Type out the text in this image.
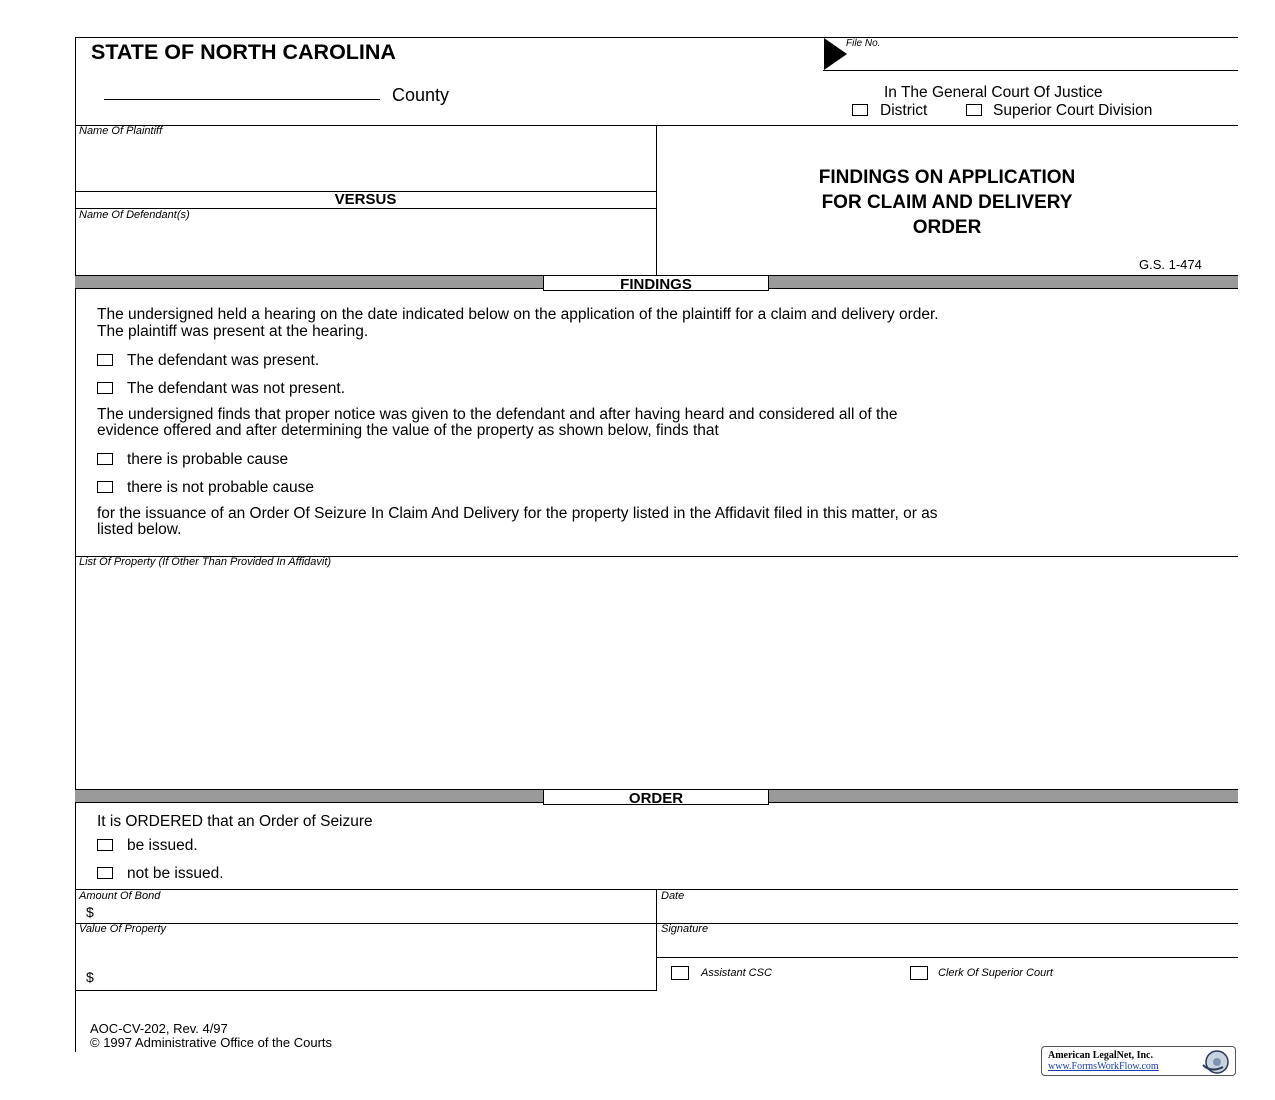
STATE OF NORTH CAROLINA
County
File No.
In The General Court Of Justice
District	Superior Court Division
Name Of Plaintiff
VERSUS
Name Of Defendant(s)
FINDINGS ON APPLICATION
FOR CLAIM AND DELIVERY
ORDER
G.S. 1-474
FINDINGS
The undersigned held a hearing on the date indicated below on the application of the plaintiff for a claim and delivery order.
The plaintiff was present at the hearing.
The defendant was present.
The defendant was not present.
The undersigned finds that proper notice was given to the defendant and after having heard and considered all of the
evidence offered and after determining the value of the property as shown below, finds that
there is probable cause
there is not probable cause
for the issuance of an Order Of Seizure In Claim And Delivery for the property listed in the Affidavit filed in this matter, or as
listed below.
List Of Property (If Other Than Provided In Affidavit)
ORDER
It is ORDERED that an Order of Seizure
be issued.
not be issued.
Amount Of Bond
$
Date
Value Of Property
$
Signature
Assistant CSC	Clerk Of Superior Court
AOC-CV-202, Rev. 4/97
© 1997 Administrative Office of the Courts
American LegalNet, Inc.
www.FormsWorkFlow.com
